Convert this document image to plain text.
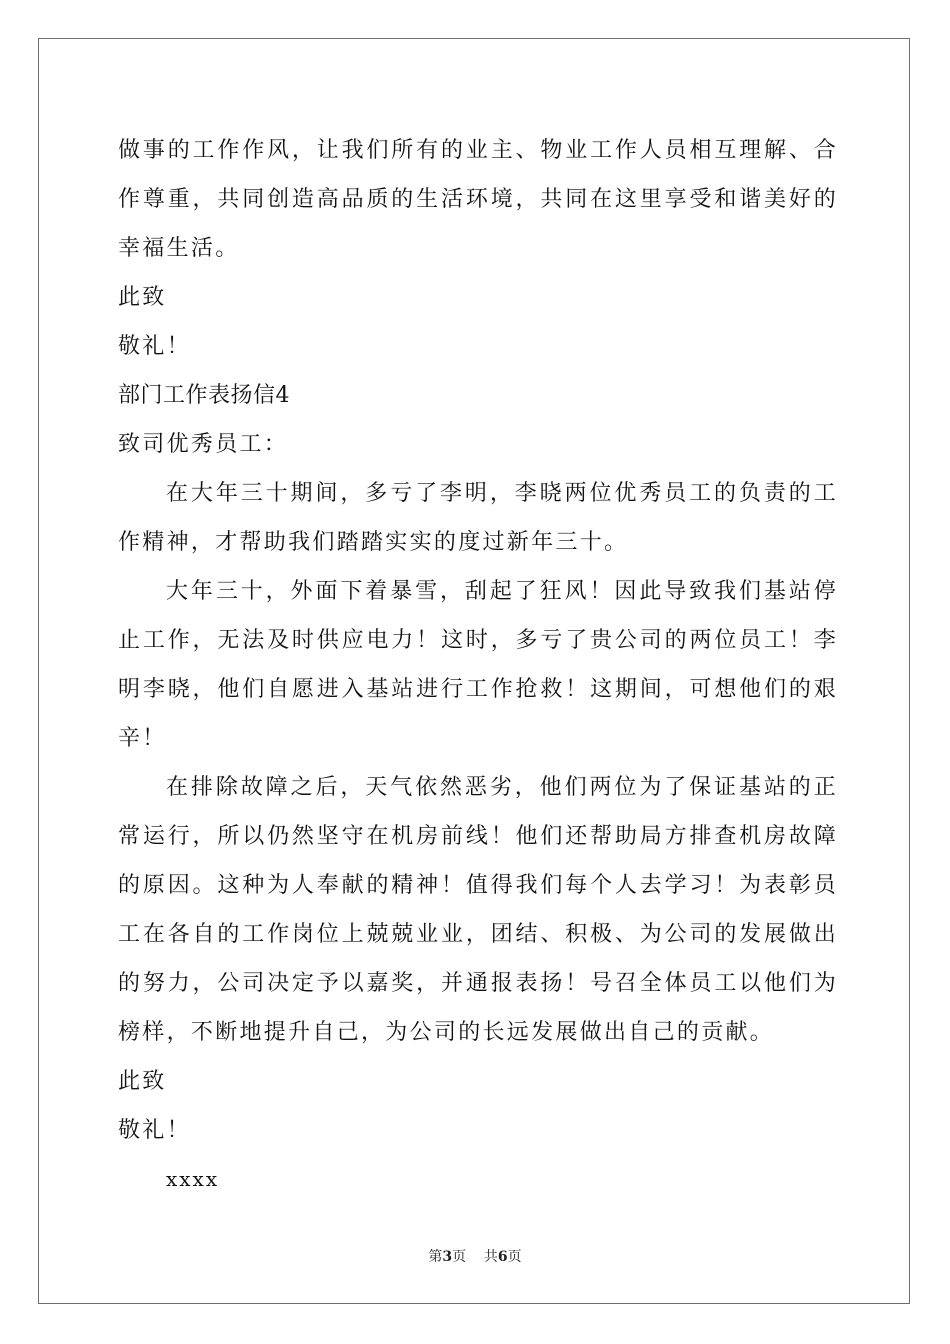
做事的工作作风，让我们所有的业主、物业工作人员相互理解、合作尊重，共同创造高品质的生活环境，共同在这里享受和谐美好的幸福生活。
此致
敬礼！
部门工作表扬信4
致司优秀员工：
在大年三十期间，多亏了李明，李晓两位优秀员工的负责的工作精神，才帮助我们踏踏实实的度过新年三十。
大年三十，外面下着暴雪，刮起了狂风！因此导致我们基站停止工作，无法及时供应电力！这时，多亏了贵公司的两位员工！李明李晓，他们自愿进入基站进行工作抢救！这期间，可想他们的艰辛！
在排除故障之后，天气依然恶劣，他们两位为了保证基站的正常运行，所以仍然坚守在机房前线！他们还帮助局方排查机房故障的原因。这种为人奉献的精神！值得我们每个人去学习！为表彰员工在各自的工作岗位上兢兢业业，团结、积极、为公司的发展做出的努力，公司决定予以嘉奖，并通报表扬！号召全体员工以他们为榜样，不断地提升自己，为公司的长远发展做出自己的贡献。
此致
敬礼！
xxxx
第3页 共6页
